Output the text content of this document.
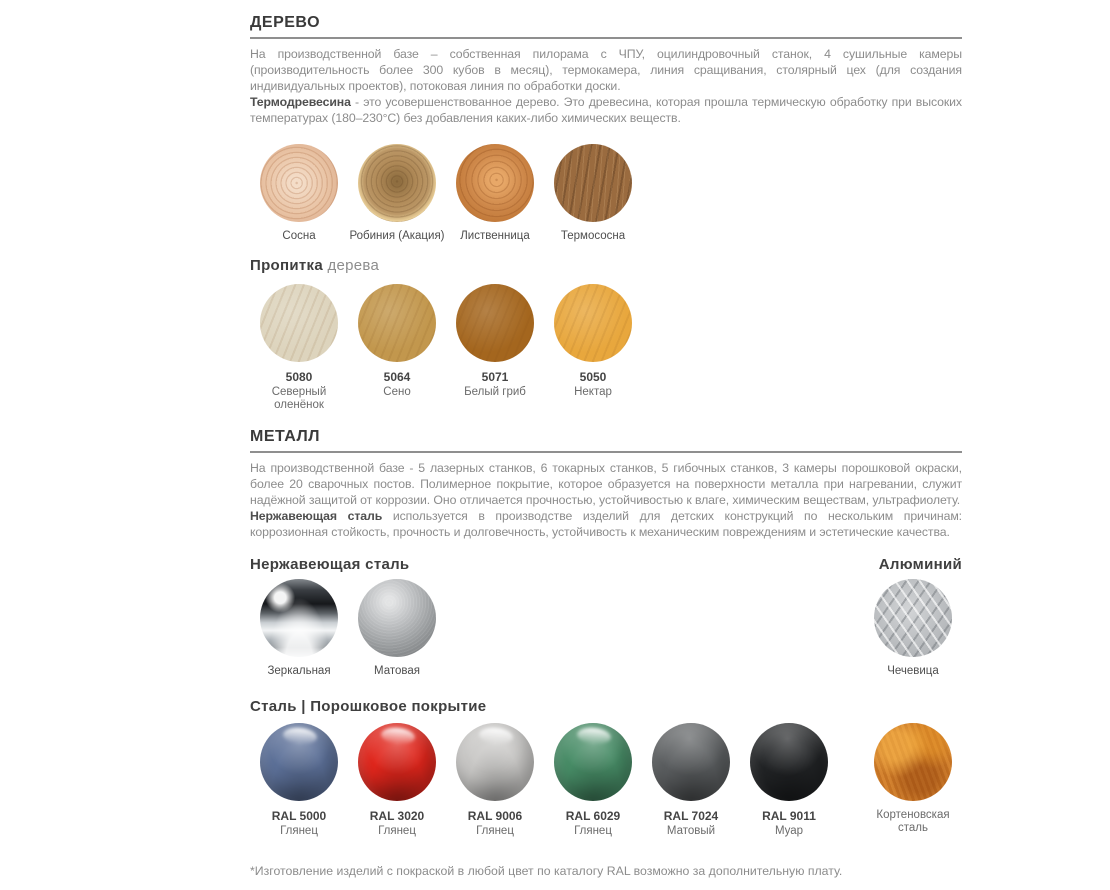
ДЕРЕВО

На производственной базе – собственная пилорама с ЧПУ, оцилиндровочный станок, 4 сушильные камеры (производительность более 300 кубов в месяц), термокамера, линия сращивания, столярный цех (для создания индивидуальных проектов), потоковая линия по обработки доски.
Термодревесина - это усовершенствованное дерево. Это древесина, которая прошла термическую обработку при высоких температурах (180–230°С) без добавления каких-либо химических веществ.

Сосна	Робиния (Акация) Лиственница	Термососна
Пропитка дерева
5080
Северный оленёнок
5064
Сено
5071
Белый гриб
5050
Нектар
МЕТАЛЛ

На производственной базе - 5 лазерных станков, 6 токарных станков, 5 гибочных станков, 3 камеры порошковой окраски, более 20 сварочных постов. Полимерное покрытие, которое образуется на поверхности металла при нагревании, служит надёжной защитой от коррозии. Оно отличается прочностью, устойчивостью к влаге, химическим веществам, ультрафиолету.
Нержавеющая сталь используется в производстве изделий для детских конструкций по нескольким причинам: коррозионная стойкость, прочность и долговечность, устойчивость к механическим повреждениям и эстетические качества.

Нержавеющая сталь	Алюминий
Зеркальная	Матовая	Чечевица
Сталь | Порошковое покрытие
RAL 5000
Глянец
RAL 3020
Глянец
RAL 9006
Глянец
RAL 6029
Глянец
RAL 7024
Матовый
RAL 9011
Муар
Кортеновская сталь

*Изготовление изделий с покраской в любой цвет по каталогу RAL возможно за дополнительную плату.
